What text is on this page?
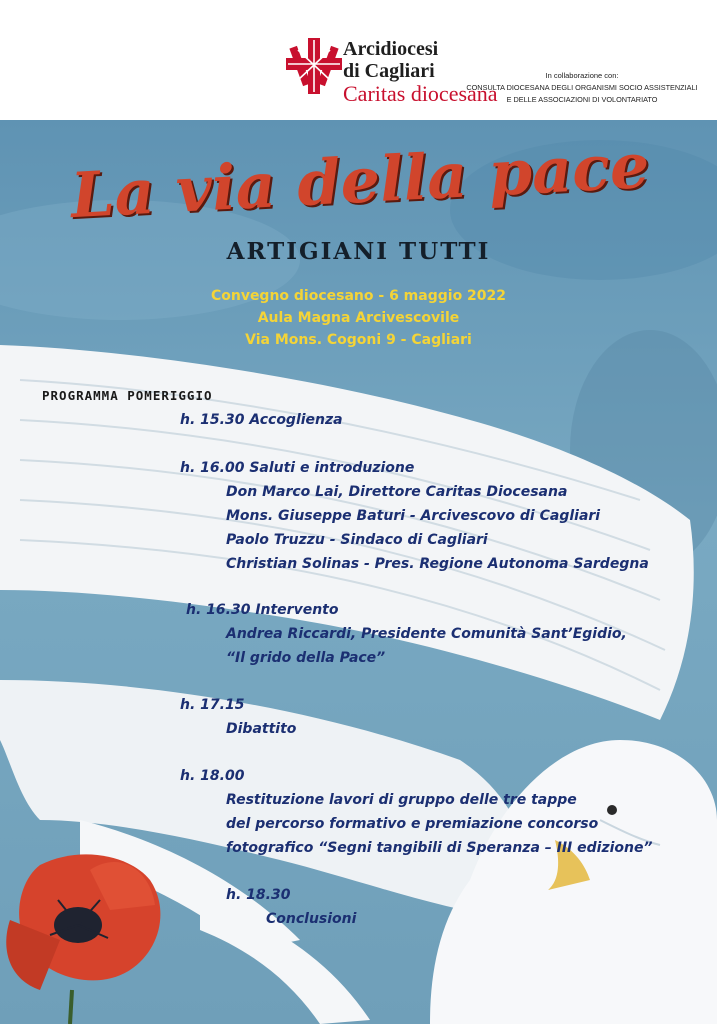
Arcidiocesi
di Cagliari
Caritas diocesana
In collaborazione con:
CONSULTA DIOCESANA DEGLI ORGANISMI SOCIO ASSISTENZIALI
E DELLE ASSOCIAZIONI DI VOLONTARIATO
La via della pace
ARTIGIANI TUTTI
Convegno diocesano - 6 maggio 2022
Aula Magna Arcivescovile
Via Mons. Cogoni 9 - Cagliari
PROGRAMMA POMERIGGIO
h. 15.30 Accoglienza
h. 16.00 Saluti e introduzione
Don Marco Lai, Direttore Caritas Diocesana
Mons. Giuseppe Baturi - Arcivescovo di Cagliari
Paolo Truzzu - Sindaco di Cagliari
Christian Solinas - Pres. Regione Autonoma Sardegna
h. 16.30 Intervento
Andrea Riccardi, Presidente Comunità Sant’Egidio,
“Il grido della Pace”
h. 17.15
Dibattito
h. 18.00
Restituzione lavori di gruppo delle tre tappe
del percorso formativo e premiazione concorso
fotografico “Segni tangibili di Speranza – III edizione”
h. 18.30
Conclusioni
